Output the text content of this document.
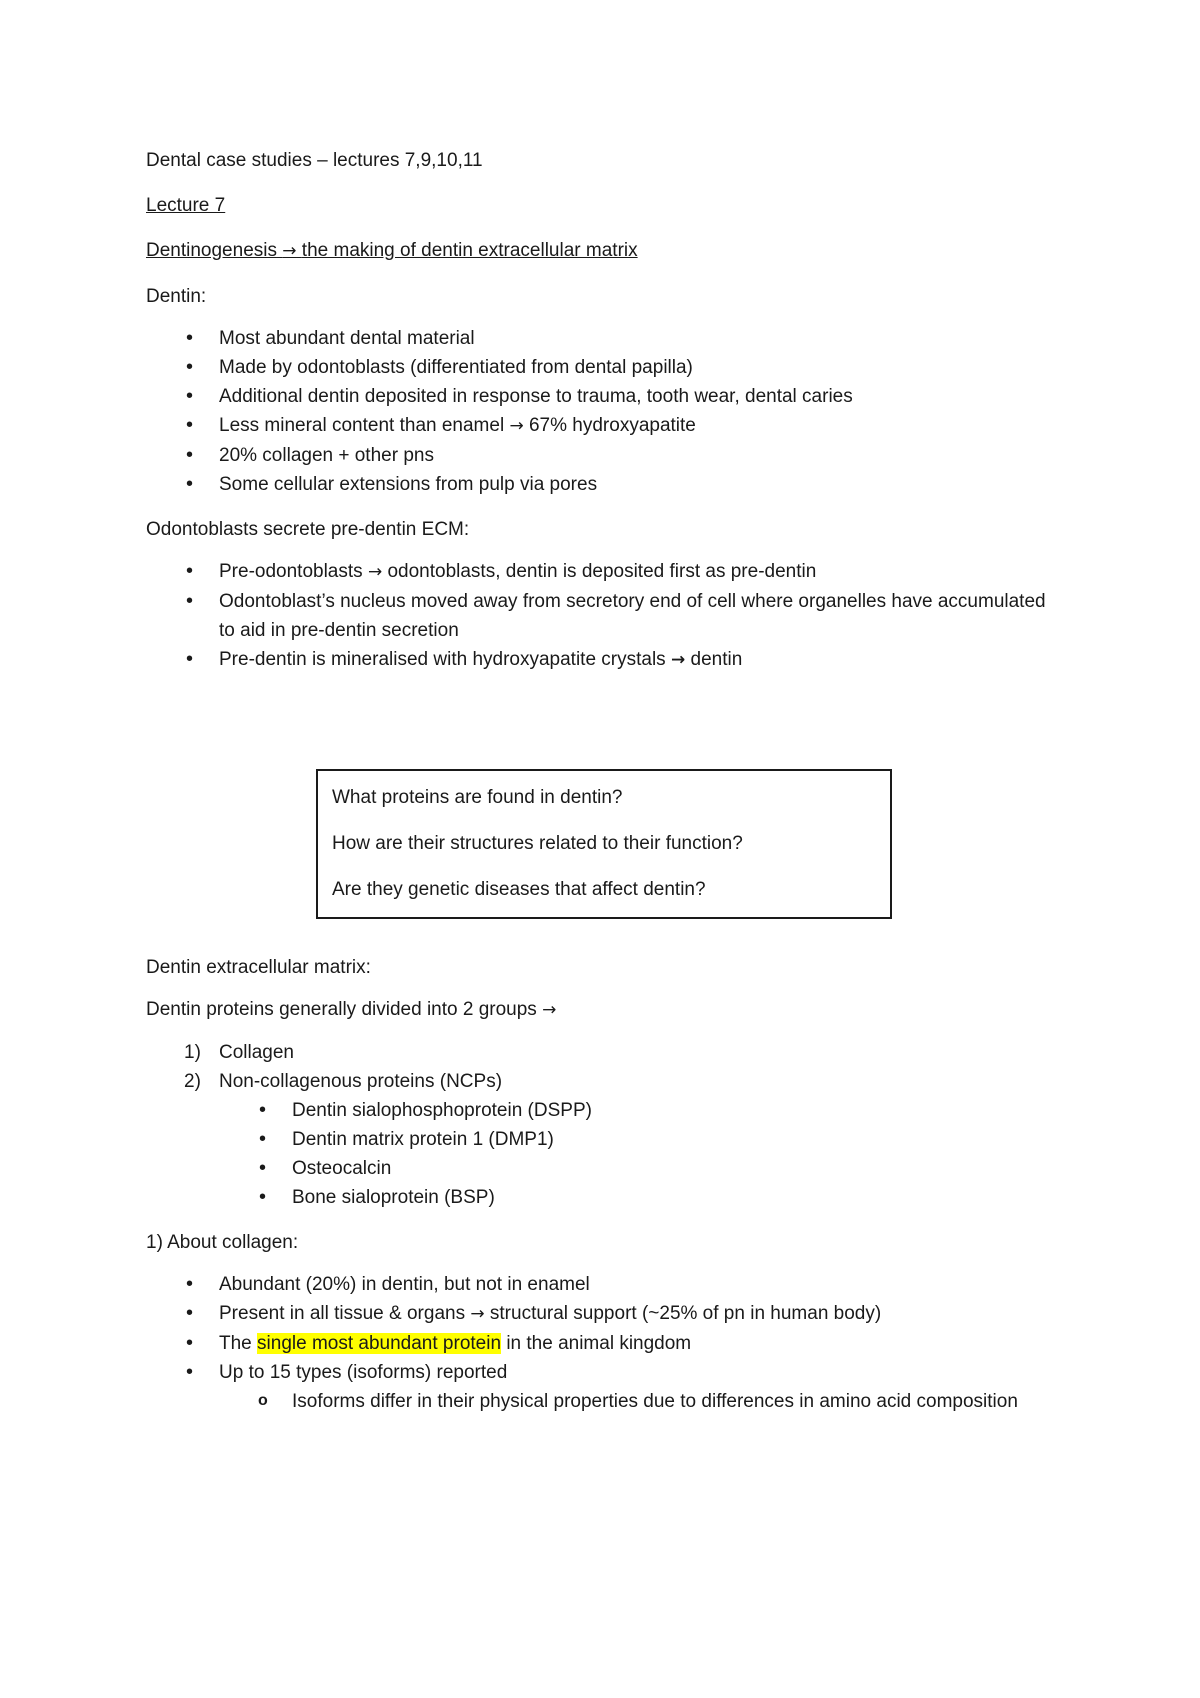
Dental case studies – lectures 7,9,10,11

Lecture 7

Dentinogenesis → the making of dentin extracellular matrix

Dentin:

• Most abundant dental material
• Made by odontoblasts (differentiated from dental papilla)
• Additional dentin deposited in response to trauma, tooth wear, dental caries
• Less mineral content than enamel → 67% hydroxyapatite
• 20% collagen + other pns
• Some cellular extensions from pulp via pores

Odontoblasts secrete pre-dentin ECM:

• Pre-odontoblasts → odontoblasts, dentin is deposited first as pre-dentin
• Odontoblast’s nucleus moved away from secretory end of cell where organelles have accumulated to aid in pre-dentin secretion
• Pre-dentin is mineralised with hydroxyapatite crystals → dentin

What proteins are found in dentin?

How are their structures related to their function?

Are they genetic diseases that affect dentin?

Dentin extracellular matrix:

Dentin proteins generally divided into 2 groups →

1) Collagen
2) Non-collagenous proteins (NCPs)
• Dentin sialophosphoprotein (DSPP)
• Dentin matrix protein 1 (DMP1)
• Osteocalcin
• Bone sialoprotein (BSP)

1) About collagen:

• Abundant (20%) in dentin, but not in enamel
• Present in all tissue & organs → structural support (~25% of pn in human body)
• The single most abundant protein in the animal kingdom
• Up to 15 types (isoforms) reported
o Isoforms differ in their physical properties due to differences in amino acid composition
